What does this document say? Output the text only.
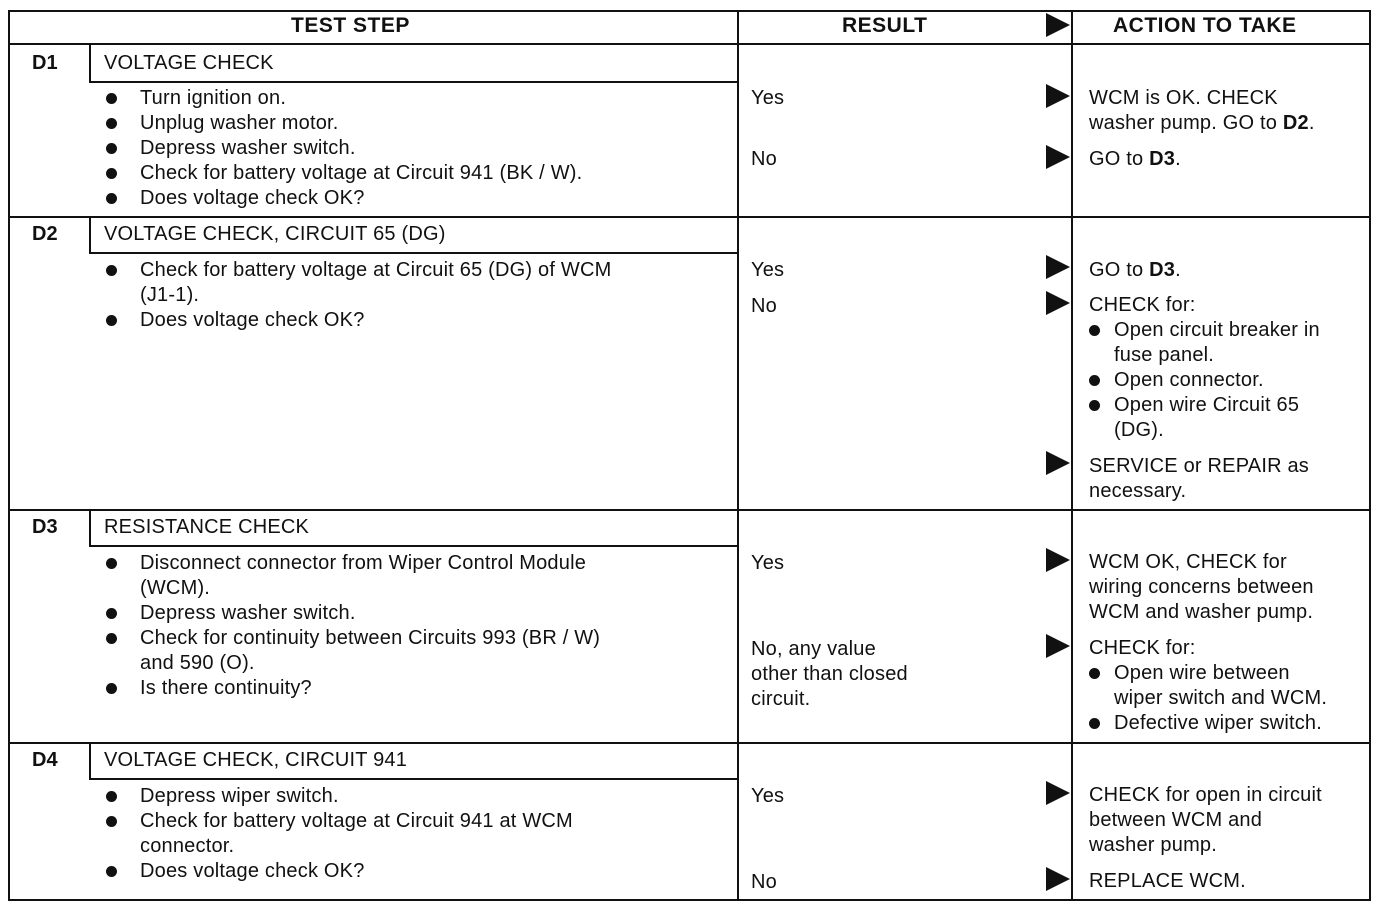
TEST STEP	RESULT	ACTION TO TAKE
D1 VOLTAGE CHECK
Turn ignition on.
Unplug washer motor.
Depress washer switch.
Check for battery voltage at Circuit 941 (BK / W).
Does voltage check OK?
Yes
No
WCM is OK. CHECK
washer pump. GO to D2.
GO to D3.
D2 VOLTAGE CHECK, CIRCUIT 65 (DG)
Check for battery voltage at Circuit 65 (DG) of WCM
(J1-1).
Does voltage check OK?
Yes
No
GO to D3.
CHECK for:
Open circuit breaker in
fuse panel.
Open connector.
Open wire Circuit 65
(DG).
SERVICE or REPAIR as
necessary.
D3 RESISTANCE CHECK
Disconnect connector from Wiper Control Module
(WCM).
Depress washer switch.
Check for continuity between Circuits 993 (BR / W)
and 590 (O).
Is there continuity?
Yes
No, any value
other than closed
circuit.
WCM OK, CHECK for
wiring concerns between
WCM and washer pump.
CHECK for:
Open wire between
wiper switch and WCM.
Defective wiper switch.
D4 VOLTAGE CHECK, CIRCUIT 941
Depress wiper switch.
Check for battery voltage at Circuit 941 at WCM
connector.
Does voltage check OK?
Yes
No
CHECK for open in circuit
between WCM and
washer pump.
REPLACE WCM.
